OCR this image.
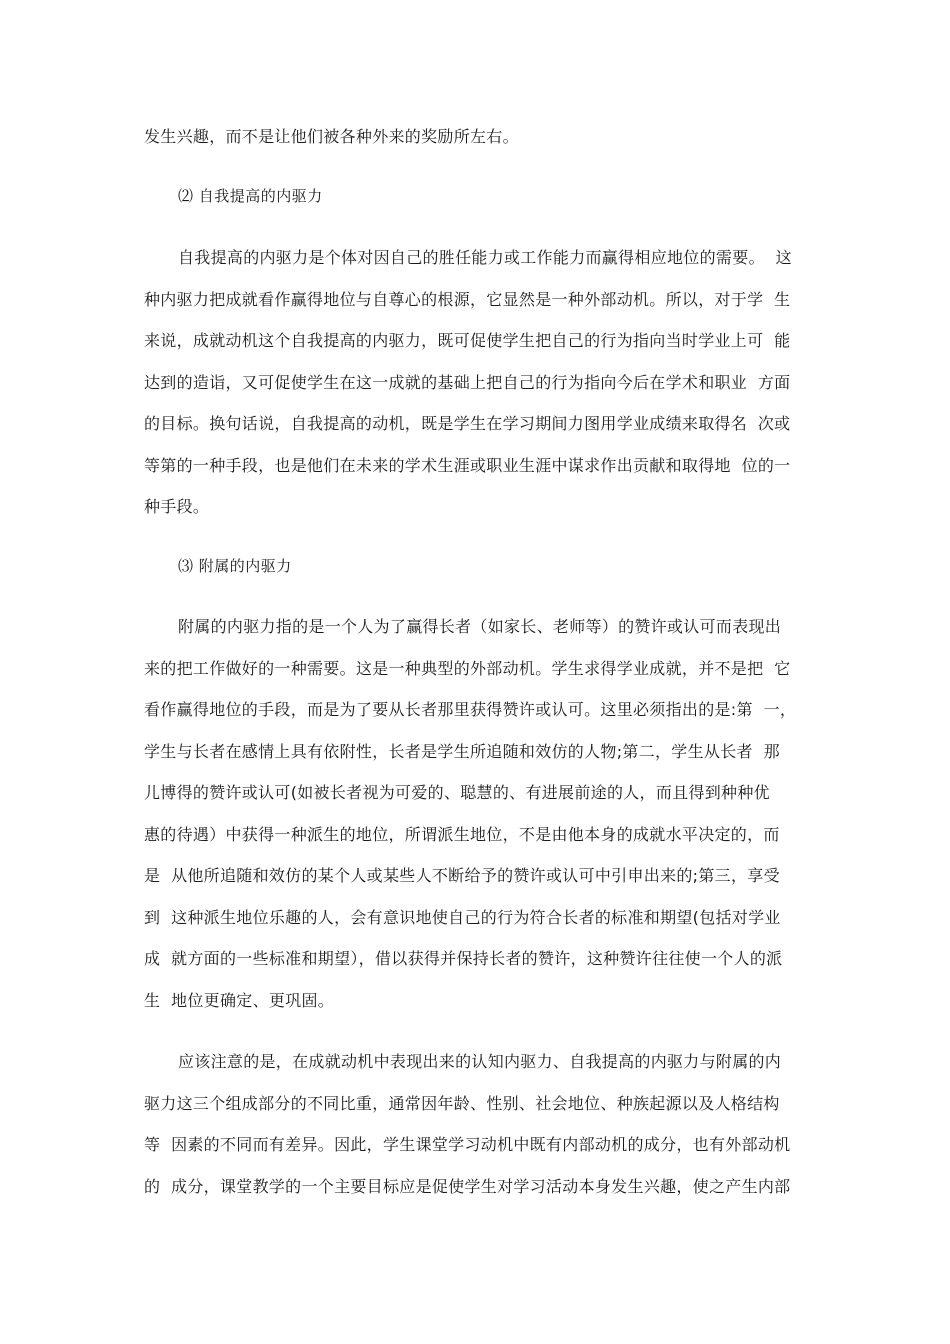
发生兴趣，而不是让他们被各种外来的奖励所左右。
⑵ 自我提高的内驱力
自我提高的内驱力是个体对因自己的胜任能力或工作能力而赢得相应地位的需要。  这
种内驱力把成就看作赢得地位与自尊心的根源，它显然是一种外部动机。所以，对于学  生
来说，成就动机这个自我提高的内驱力，既可促使学生把自己的行为指向当时学业上可  能
达到的造诣，又可促使学生在这一成就的基础上把自己的行为指向今后在学术和职业  方面
的目标。换句话说，自我提高的动机，既是学生在学习期间力图用学业成绩来取得名  次或
等第的一种手段，也是他们在未来的学术生涯或职业生涯中谋求作出贡献和取得地  位的一
种手段。
⑶ 附属的内驱力
附属的内驱力指的是一个人为了赢得长者（如家长、老师等）的赞许或认可而表现出
来的把工作做好的一种需要。这是一种典型的外部动机。学生求得学业成就，并不是把  它
看作赢得地位的手段，而是为了要从长者那里获得赞许或认可。这里必须指出的是:第  一，
学生与长者在感情上具有依附性，长者是学生所追随和效仿的人物;第二，学生从长者  那
儿博得的赞许或认可(如被长者视为可爱的、聪慧的、有进展前途的人，而且得到种种优
惠的待遇）中获得一种派生的地位，所谓派生地位，不是由他本身的成就水平决定的，而
是  从他所追随和效仿的某个人或某些人不断给予的赞许或认可中引申出来的;第三，享受
到  这种派生地位乐趣的人，会有意识地使自己的行为符合长者的标准和期望(包括对学业
成  就方面的一些标准和期望），借以获得并保持长者的赞许，这种赞许往往使一个人的派
生  地位更确定、更巩固。
应该注意的是，在成就动机中表现出来的认知内驱力、自我提高的内驱力与附属的内
驱力这三个组成部分的不同比重，通常因年龄、性别、社会地位、种族起源以及人格结构
等  因素的不同而有差异。因此，学生课堂学习动机中既有内部动机的成分，也有外部动机
的  成分，课堂教学的一个主要目标应是促使学生对学习活动本身发生兴趣，使之产生内部
